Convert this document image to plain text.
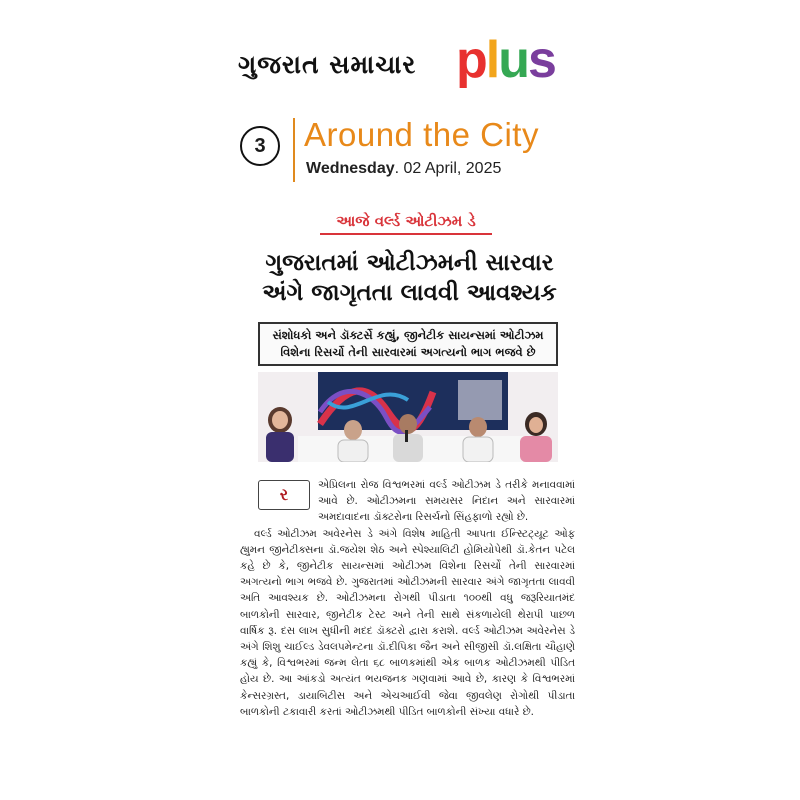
ગુજરાત સમાચાર plus
3	Around the City
Wednesday. 02 April, 2025
આજે વર્લ્ડ ઓટીઝમ ડે
ગુજરાતમાં ઓટીઝમની સારવાર
અંગે જાગૃતતા લાવવી આવશ્યક
સંશોધકો અને ડૉક્ટર્સે કહ્યું, જીનેટીક સાયન્સમાં ઓટીઝમ
વિશેના રિસર્ચો તેની સારવારમાં અગત્યનો ભાગ ભજવે છે
ર	એપ્રિલના રોજ વિશ્વભરમાં વર્લ્ડ ઓટીઝમ ડે તરીકે મનાવવામાં આવે છે. ઓટીઝમના સમયસર નિદાન અને સારવારમાં અમદાવાદના ડૉક્ટરોના રિસર્ચનો સિંહફાળો રહ્યો છે.

વર્લ્ડ ઓટીઝમ અવેરનેસ ડે અંગે વિશેષ માહિતી આપતા ઈન્સ્ટિટ્યૂટ ઓફ હ્યુમન જીનેટીક્સના ડૉ.જયેશ શેઠ અને સ્પેશ્યાલિટી હોમિયોપેથી ડૉ.કેતન પટેલ કહે છે કે, જીનેટીક સાયન્સમાં ઓટીઝમ વિશેના રિસર્ચો તેની સારવારમાં અગત્યનો ભાગ ભજવે છે. ગુજરાતમાં ઓટીઝમની સારવાર અંગે જાગૃતતા લાવવી અતિ આવશ્યક છે. ઓટીઝમના રોગથી પીડાતા ૧૦૦થી વધુ જરૂરિયાતમંદ બાળકોની સારવાર, જીનેટીક ટેસ્ટ અને તેની સાથે સંકળાયેલી થેરાપી પાછળ વાર્ષિક રૂ. દસ લાખ સુધીની મદદ ડૉક્ટરો દ્વારા કરાશે. વર્લ્ડ ઓટીઝમ અવેરનેસ ડે અંગે શિશુ ચાઈલ્ડ ડેવલપમેન્ટના ડૉ.દીપિકા જૈન અને સીજીસી ડૉ.લક્ષિતા ચૌહાણે કહ્યું કે, વિશ્વભરમાં જન્મ લેતા ૬૮ બાળકમાંથી એક બાળક ઓટીઝમથી પીડિત હોય છે. આ આંકડો અત્યંત ભયજનક ગણવામાં આવે છે, કારણ કે વિશ્વભરમાં કેન્સરગ્રસ્ત, ડાયાબિટીસ અને એચઆઈવી જેવા જીવલેણ રોગોથી પીડાતા બાળકોની ટકાવારી કરતાં ઓટીઝમથી પીડિત બાળકોની સંખ્યા વધારે છે.
